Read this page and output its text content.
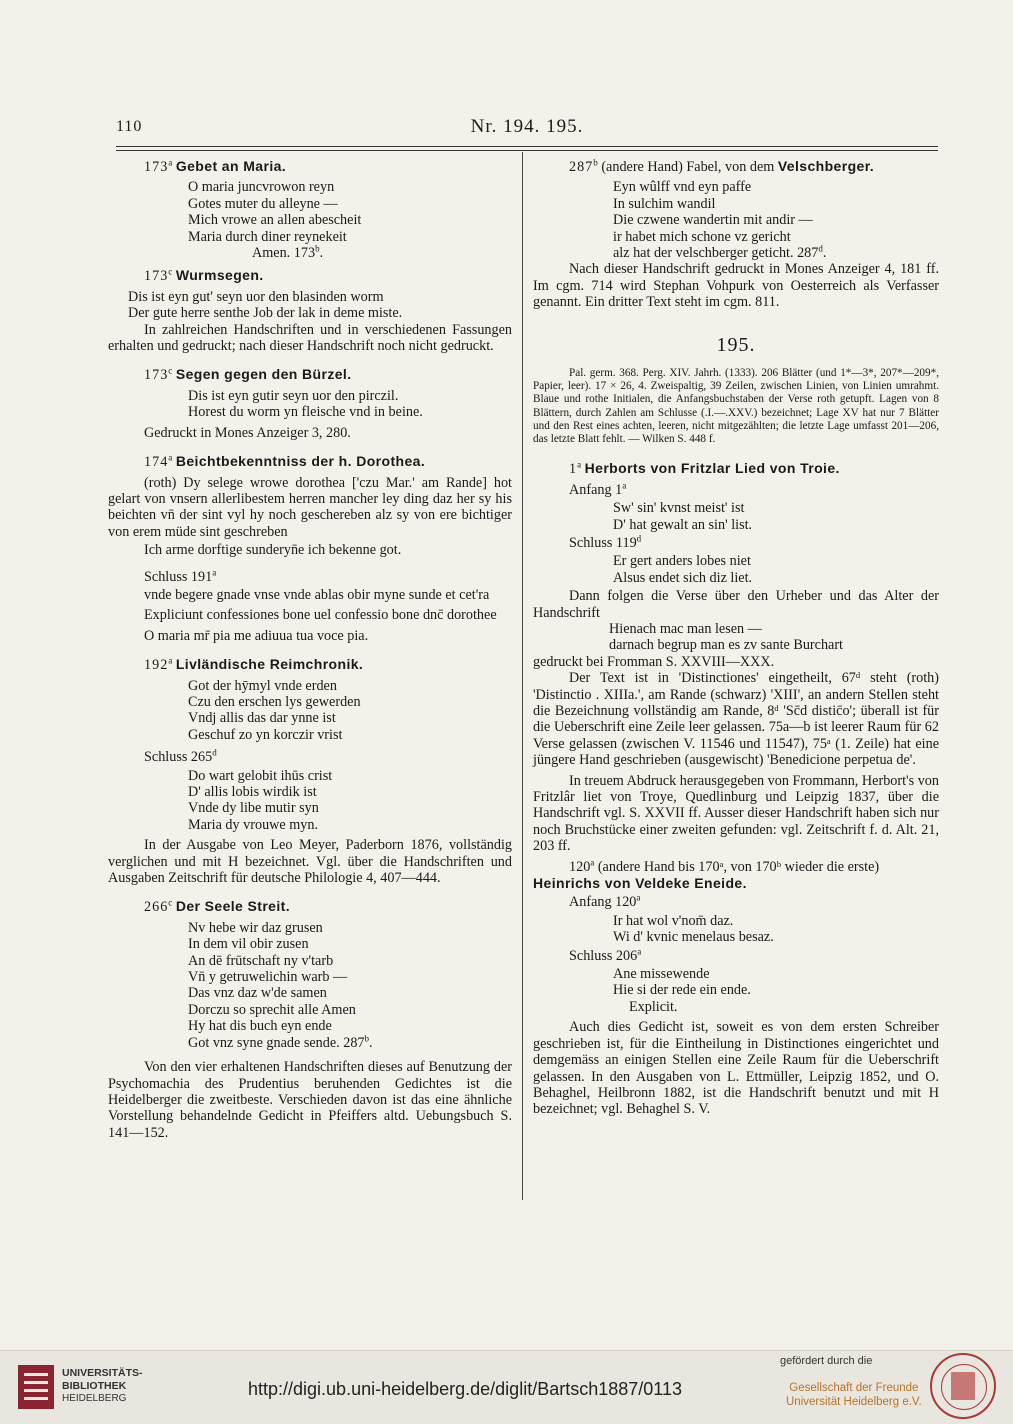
110	Nr. 194. 195.
173$^a$ Gebet an Maria.
O maria juncvrowon reyn
Gotes muter du alleyne —
Mich vrowe an allen abescheit
Maria durch diner reynekeit
Amen. 173$^b$.
173$^c$ Wurmsegen.
Dis ist eyn gut' seyn uor den blasinden worm
Der gute herre senthe Job der lak in deme miste.

In zahlreichen Handschriften und in verschiedenen Fassungen erhalten und gedruckt; nach dieser Handschrift noch nicht gedruckt.

173$^c$ Segen gegen den Bürzel.
Dis ist eyn gutir seyn uor den pirczil.
Horest du worm yn fleische vnd in beine.

Gedruckt in Mones Anzeiger 3, 280.

174$^a$ Beichtbekenntniss der h. Dorothea.

(roth) Dy selege wrowe dorothea ['czu Mar.' am Rande] hot gelart von vnsern allerlibestem herren mancher ley ding daz her sy his beichten vn̄ der sint vyl hy noch geschereben alz sy von ere bichtiger von erem müde sint geschreben

Ich arme dorftige sunderyn̄e ich bekenne got.
Schluss 191$^a$

vnde begere gnade vnse vnde ablas obir myne sunde et cet'ra

Expliciunt confessiones bone uel confessio bone dnc̄ dorothee

O maria mr̄ pia me adiuua tua voce pia.

192$^a$ Livländische Reimchronik.
Got der hȳmyl vnde erden
Czu den erschen lys gewerden
Vndj allis das dar ynne ist
Geschuf zo yn korczir vrist
Schluss 265$^d$
Do wart gelobit ihūs crist
D' allis lobis wirdik ist
Vnde dy libe mutir syn
Maria dy vrouwe myn.

In der Ausgabe von Leo Meyer, Paderborn 1876, vollständig verglichen und mit H bezeichnet. Vgl. über die Handschriften und Ausgaben Zeitschrift für deutsche Philologie 4, 407—444.

266$^c$ Der Seele Streit.
Nv hebe wir daz grusen
In dem vil obir zusen
An dē frūtschaft ny v'tarb
Vn̄ y getruwelichin warb —
Das vnz daz w'de samen
Dorczu so sprechit alle Amen
Hy hat dis buch eyn ende
Got vnz syne gnade sende. 287$^b$.

Von den vier erhaltenen Handschriften dieses auf Benutzung der Psychomachia des Prudentius beruhenden Gedichtes ist die Heidelberger die zweitbeste. Verschieden davon ist das eine ähnliche Vorstellung behandelnde Gedicht in Pfeiffers altd. Uebungsbuch S. 141—152.

287$^b$ (andere Hand) Fabel, von dem Velschberger.
Eyn wûlff vnd eyn paffe
In sulchim wandil
Die czwene wandertin mit andir —
ir habet mich schone vz gericht
alz hat der velschberger geticht. 287$^d$.

Nach dieser Handschrift gedruckt in Mones Anzeiger 4, 181 ff. Im cgm. 714 wird Stephan Vohpurk von Oesterreich als Verfasser genannt. Ein dritter Text steht im cgm. 811.

195.

Pal. germ. 368. Perg. XIV. Jahrh. (1333). 206 Blätter (und 1*—3*, 207*—209*, Papier, leer). 17 × 26, 4. Zweispaltig, 39 Zeilen, zwischen Linien, von Linien umrahmt. Blaue und rothe Initialen, die Anfangsbuchstaben der Verse roth getupft. Lagen von 8 Blättern, durch Zahlen am Schlusse (.I.—.XXV.) bezeichnet; Lage XV hat nur 7 Blätter und den Rest eines achten, leeren, nicht mitgezählten; die letzte Lage umfasst 201—206, das letzte Blatt fehlt. — Wilken S. 448 f.

1$^a$ Herborts von Fritzlar Lied von Troie.
Anfang 1$^a$
Sw' sin' kvnst meist' ist
D' hat gewalt an sin' list.
Schluss 119$^d$
Er gert anders lobes niet
Alsus endet sich diz liet.

Dann folgen die Verse über den Urheber und das Alter der Handschrift

Hienach mac man lesen —
darnach begrup man es zv sante Burchart
gedruckt bei Fromman S. XXVIII—XXX.

Der Text ist in 'Distinctiones' eingetheilt, 67ᵈ steht (roth) 'Distinctio . XIIIa.', am Rande (schwarz) 'XIII', an andern Stellen steht die Bezeichnung vollständig am Rande, 8ᵈ 'Sc̄d distic̄o'; überall ist für die Ueberschrift eine Zeile leer gelassen. 75a—b ist leerer Raum für 62 Verse gelassen (zwischen V. 11546 und 11547), 75ᵃ (1. Zeile) hat eine jüngere Hand geschrieben (ausgewischt) 'Benedicione perpetua de'.

In treuem Abdruck herausgegeben von Frommann, Herbort's von Fritzlâr liet von Troye, Quedlinburg und Leipzig 1837, über die Handschrift vgl. S. XXVII ff. Ausser dieser Handschrift haben sich nur noch Bruchstücke einer zweiten gefunden: vgl. Zeitschrift f. d. Alt. 21, 203 ff.

120$^a$ (andere Hand bis 170ᵃ, von 170ᵇ wieder die erste)
Heinrichs von Veldeke Eneide.
Anfang 120$^a$
Ir hat wol v'nom̄ daz.
Wi d' kvnic menelaus besaz.
Schluss 206$^a$
Ane missewende
Hie si der rede ein ende.
Explicit.

Auch dies Gedicht ist, soweit es von dem ersten Schreiber geschrieben ist, für die Eintheilung in Distinctiones eingerichtet und demgemäss an einigen Stellen eine Zeile Raum für die Ueberschrift gelassen. In den Ausgaben von L. Ettmüller, Leipzig 1852, und O. Behaghel, Heilbronn 1882, ist die Handschrift benutzt und mit H bezeichnet; vgl. Behaghel S. V.

UNIVERSITÄTS-
BIBLIOTHEK
HEIDELBERG	http://digi.ub.uni-heidelberg.de/diglit/Bartsch1887/0113
gefördert durch die
Gesellschaft der Freunde
Universität Heidelberg e.V.
